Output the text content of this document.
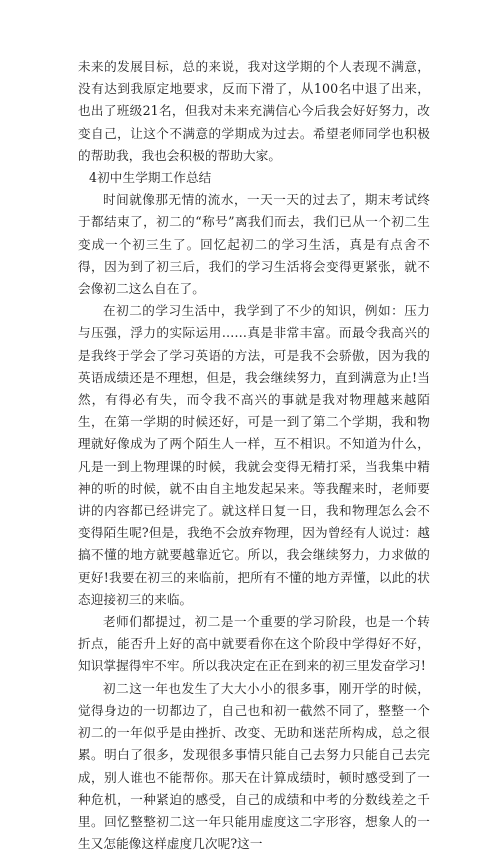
未来的发展目标，总的来说，我对这学期的个人表现不满意，没有达到我原定地要求，反而下滑了，从100名中退了出来，也出了班级21名，但我对未来充满信心今后我会好好努力，改变自己，让这个不满意的学期成为过去。希望老师同学也积极的帮助我，我也会积极的帮助大家。

4初中生学期工作总结

时间就像那无情的流水，一天一天的过去了，期末考试终于都结束了，初二的“称号”离我们而去，我们已从一个初二生变成一个初三生了。回忆起初二的学习生活，真是有点舍不得，因为到了初三后，我们的学习生活将会变得更紧张，就不会像初二这么自在了。

在初二的学习生活中，我学到了不少的知识，例如：压力与压强，浮力的实际运用……真是非常丰富。而最令我高兴的是我终于学会了学习英语的方法，可是我不会骄傲，因为我的英语成绩还是不理想，但是，我会继续努力，直到满意为止!当然，有得必有失，而令我不高兴的事就是我对物理越来越陌生，在第一学期的时候还好，可是一到了第二个学期，我和物理就好像成为了两个陌生人一样，互不相识。不知道为什么，凡是一到上物理课的时候，我就会变得无精打采，当我集中精神的听的时候，就不由自主地发起呆来。等我醒来时，老师要讲的内容都已经讲完了。就这样日复一日，我和物理怎么会不变得陌生呢?但是，我绝不会放弃物理，因为曾经有人说过：越搞不懂的地方就要越靠近它。所以，我会继续努力，力求做的更好!我要在初三的来临前，把所有不懂的地方弄懂，以此的状态迎接初三的来临。

老师们都提过，初二是一个重要的学习阶段，也是一个转折点，能否升上好的高中就要看你在这个阶段中学得好不好，知识掌握得牢不牢。所以我决定在正在到来的初三里发奋学习!

初二这一年也发生了大大小小的很多事，刚开学的时候，觉得身边的一切都边了，自己也和初一截然不同了，整整一个初二的一年似乎是由挫折、改变、无助和迷茫所构成，总之很累。明白了很多，发现很多事情只能自己去努力只能自己去完成，别人谁也不能帮你。那天在计算成绩时，顿时感受到了一种危机，一种紧迫的感受，自己的成绩和中考的分数线差之千里。回忆整整初二这一年只能用虚度这二字形容，想象人的一生又怎能像这样虚度几次呢?这一
